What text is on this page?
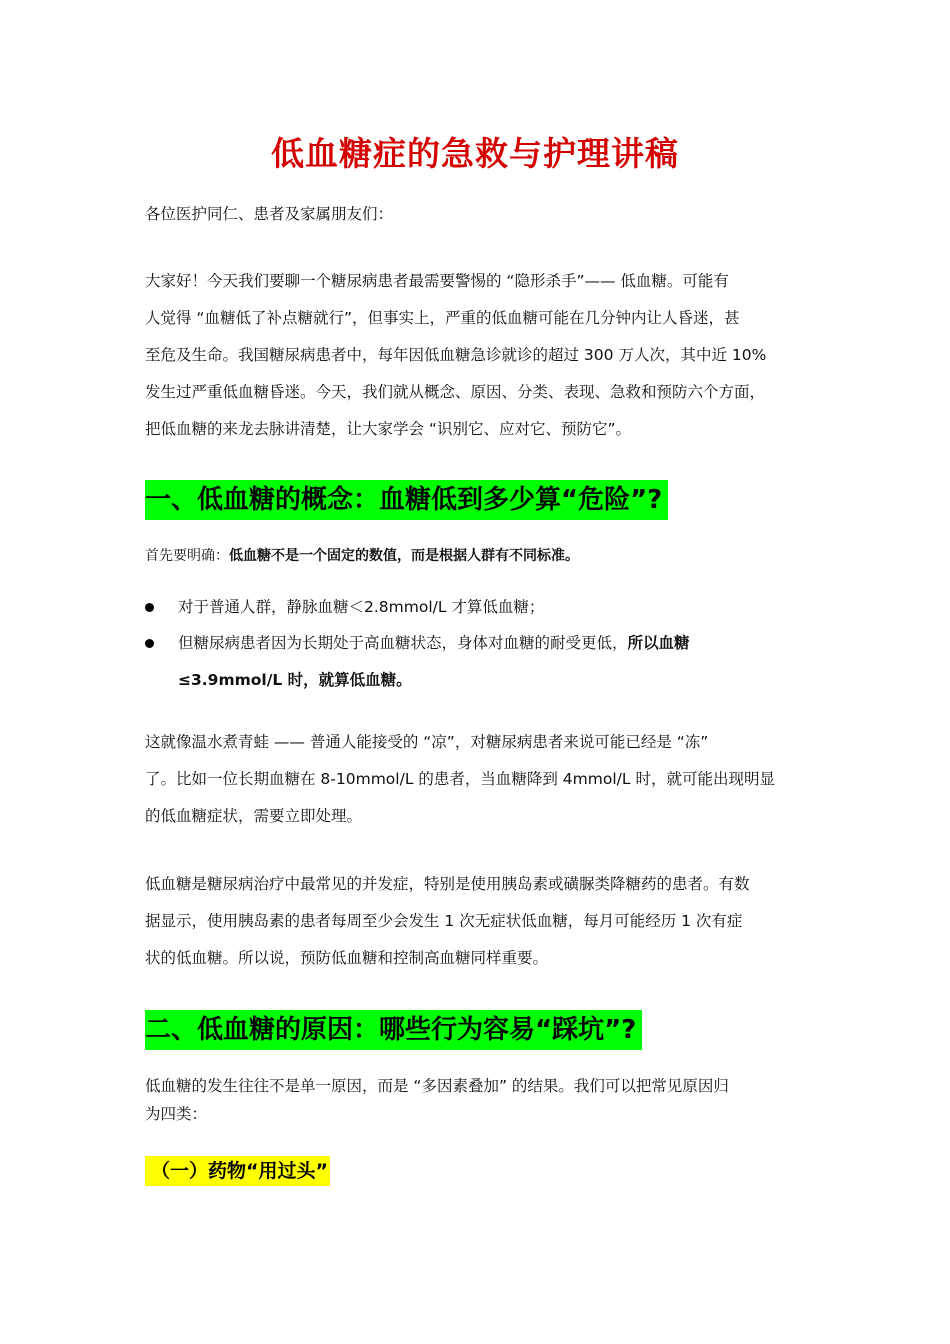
低血糖症的急救与护理讲稿

各位医护同仁、患者及家属朋友们：

大家好！今天我们要聊一个糖尿病患者最需要警惕的 “隐形杀手”—— 低血糖。可能有

人觉得 “血糖低了补点糖就行”，但事实上，严重的低血糖可能在几分钟内让人昏迷，甚

至危及生命。我国糖尿病患者中，每年因低血糖急诊就诊的超过 300 万人次，其中近 10%

发生过严重低血糖昏迷。今天，我们就从概念、原因、分类、表现、急救和预防六个方面，

把低血糖的来龙去脉讲清楚，让大家学会 “识别它、应对它、预防它”。

一、低血糖的概念：血糖低到多少算“危险”?

首先要明确：低血糖不是一个固定的数值，而是根据人群有不同标准。

对于普通人群，静脉血糖＜2.8mmol/L 才算低血糖；
但糖尿病患者因为长期处于高血糖状态，身体对血糖的耐受更低，所以血糖
≤3.9mmol/L 时，就算低血糖。

这就像温水煮青蛙 —— 普通人能接受的 “凉”，对糖尿病患者来说可能已经是 “冻”

了。比如一位长期血糖在 8-10mmol/L 的患者，当血糖降到 4mmol/L 时，就可能出现明显

的低血糖症状，需要立即处理。

低血糖是糖尿病治疗中最常见的并发症，特别是使用胰岛素或磺脲类降糖药的患者。有数

据显示，使用胰岛素的患者每周至少会发生 1 次无症状低血糖，每月可能经历 1 次有症

状的低血糖。所以说，预防低血糖和控制高血糖同样重要。

二、低血糖的原因：哪些行为容易“踩坑”?

低血糖的发生往往不是单一原因，而是 “多因素叠加” 的结果。我们可以把常见原因归

为四类：

（一）药物“用过头”
